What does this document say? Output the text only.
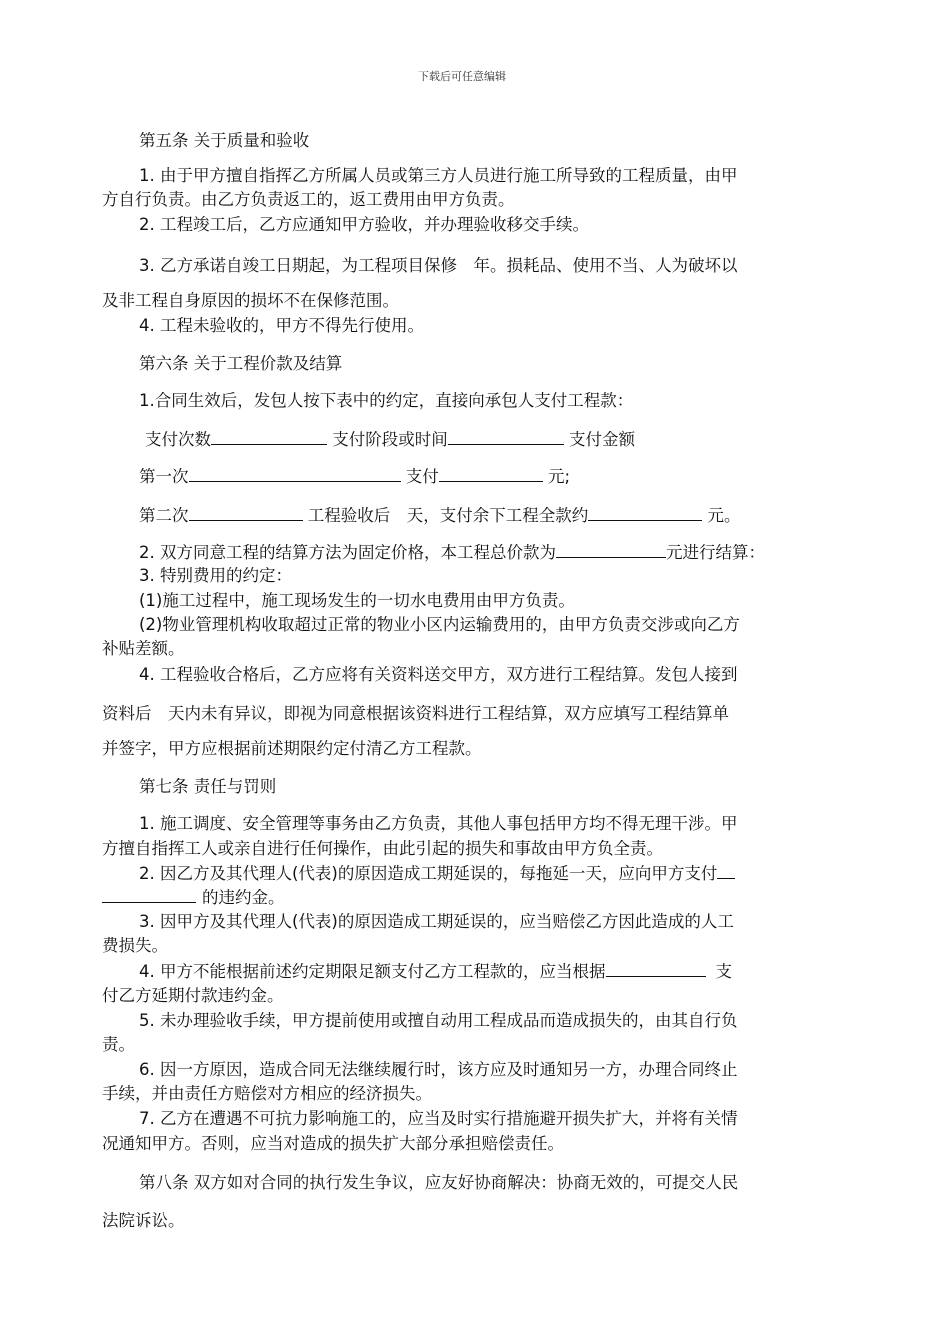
下载后可任意编辑
第五条 关于质量和验收
1. 由于甲方擅自指挥乙方所属人员或第三方人员进行施工所导致的工程质量，由甲
方自行负责。由乙方负责返工的，返工费用由甲方负责。
2. 工程竣工后，乙方应通知甲方验收，并办理验收移交手续。
3. 乙方承诺自竣工日期起，为工程项目保修　年。损耗品、使用不当、人为破坏以
及非工程自身原因的损坏不在保修范围。
4. 工程未验收的，甲方不得先行使用。
第六条 关于工程价款及结算
1.合同生效后，发包人按下表中的约定，直接向承包人支付工程款：
支付次数	支付阶段或时间	支付金额
第一次	支付	元;
第二次	工程验收后　天，支付余下工程全款约	元。
2. 双方同意工程的结算方法为固定价格，本工程总价款为	元进行结算：
3. 特别费用的约定：
(1)施工过程中，施工现场发生的一切水电费用由甲方负责。
(2)物业管理机构收取超过正常的物业小区内运输费用的，由甲方负责交涉或向乙方
补贴差额。
4. 工程验收合格后，乙方应将有关资料送交甲方，双方进行工程结算。发包人接到
资料后　天内未有异议，即视为同意根据该资料进行工程结算，双方应填写工程结算单
并签字，甲方应根据前述期限约定付清乙方工程款。
第七条 责任与罚则
1. 施工调度、安全管理等事务由乙方负责，其他人事包括甲方均不得无理干涉。甲
方擅自指挥工人或亲自进行任何操作，由此引起的损失和事故由甲方负全责。
2. 因乙方及其代理人(代表)的原因造成工期延误的，每拖延一天，应向甲方支付
的违约金。
3. 因甲方及其代理人(代表)的原因造成工期延误的，应当赔偿乙方因此造成的人工
费损失。
4. 甲方不能根据前述约定期限足额支付乙方工程款的，应当根据	支
付乙方延期付款违约金。
5. 未办理验收手续，甲方提前使用或擅自动用工程成品而造成损失的，由其自行负
责。
6. 因一方原因，造成合同无法继续履行时，该方应及时通知另一方，办理合同终止
手续，并由责任方赔偿对方相应的经济损失。
7. 乙方在遭遇不可抗力影响施工的，应当及时实行措施避开损失扩大，并将有关情
况通知甲方。否则，应当对造成的损失扩大部分承担赔偿责任。
第八条 双方如对合同的执行发生争议，应友好协商解决：协商无效的，可提交人民
法院诉讼。
